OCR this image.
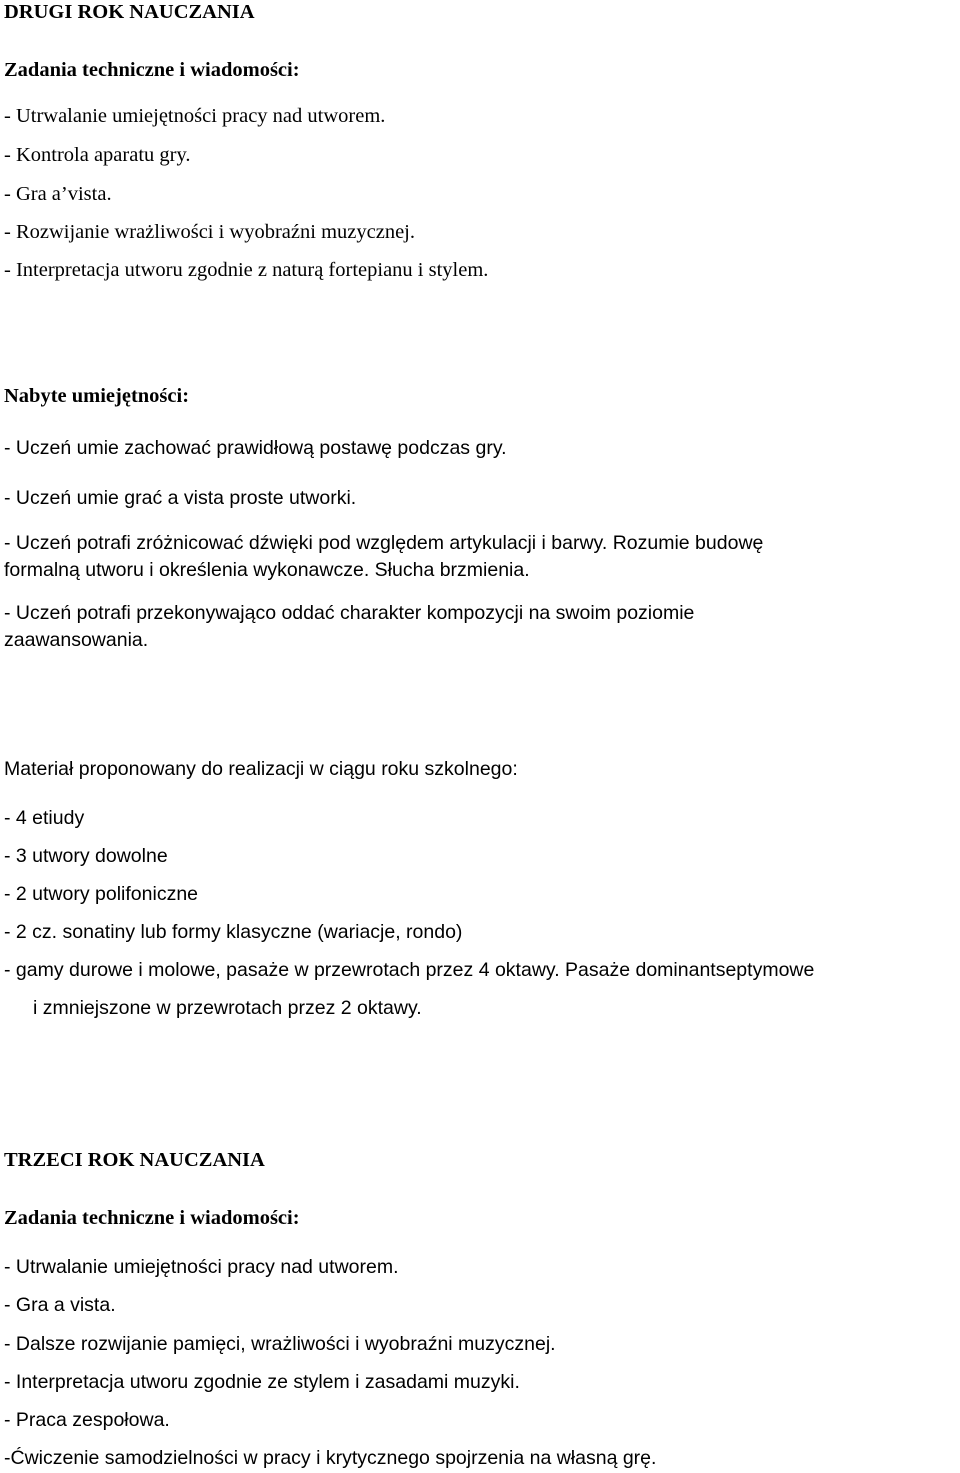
DRUGI ROK NAUCZANIA
Zadania techniczne i wiadomości:
- Utrwalanie umiejętności pracy nad utworem.
- Kontrola aparatu gry.
- Gra a’vista.
- Rozwijanie wrażliwości i wyobraźni muzycznej.
- Interpretacja utworu zgodnie z naturą fortepianu i stylem.
Nabyte umiejętności:
- Uczeń umie zachować prawidłową postawę podczas gry.
- Uczeń umie grać a vista proste utworki.
- Uczeń potrafi zróżnicować dźwięki pod względem artykulacji i barwy. Rozumie budowę
formalną utworu i określenia wykonawcze. Słucha brzmienia.
- Uczeń potrafi przekonywająco oddać charakter kompozycji na swoim poziomie
zaawansowania.
Materiał proponowany do realizacji w ciągu roku szkolnego:
- 4 etiudy
- 3 utwory dowolne
- 2 utwory polifoniczne
- 2 cz. sonatiny lub formy klasyczne (wariacje, rondo)
- gamy durowe i molowe, pasaże w przewrotach przez 4 oktawy. Pasaże dominantseptymowe
i zmniejszone w przewrotach przez 2 oktawy.
TRZECI ROK NAUCZANIA
Zadania techniczne i wiadomości:
- Utrwalanie umiejętności pracy nad utworem.
- Gra a vista.
- Dalsze rozwijanie pamięci, wrażliwości i wyobraźni muzycznej.
- Interpretacja utworu zgodnie ze stylem i zasadami muzyki.
- Praca zespołowa.
-Ćwiczenie samodzielności w pracy i krytycznego spojrzenia na własną grę.
